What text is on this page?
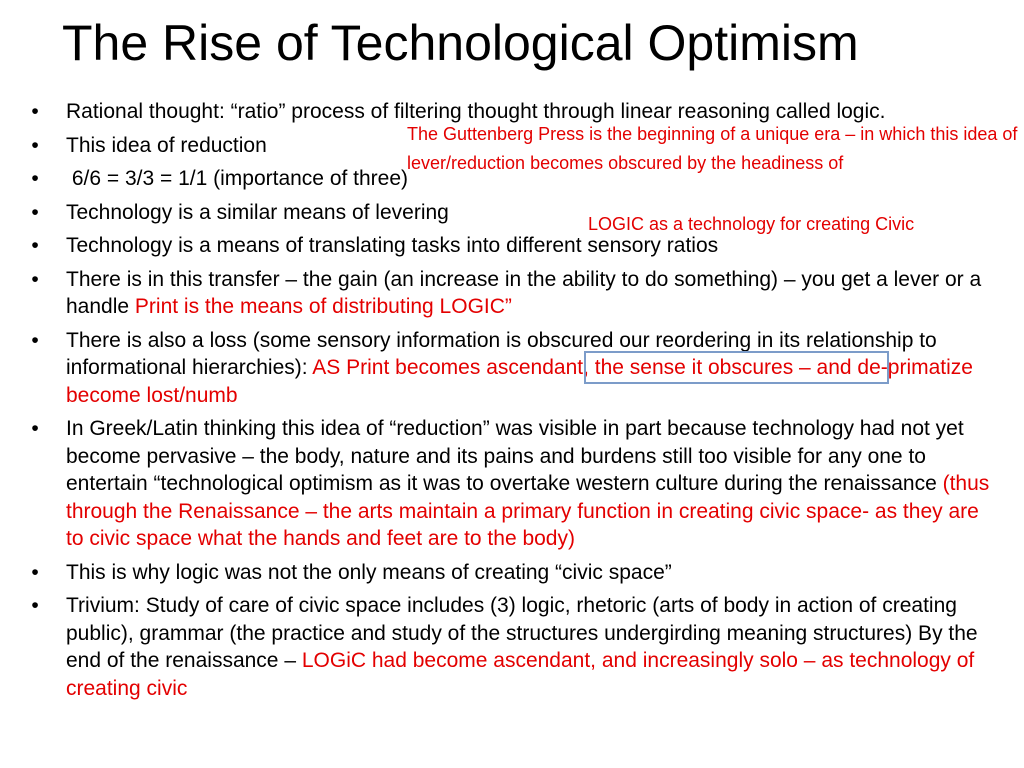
The Rise of Technological Optimism
• Rational thought: “ratio” process of filtering thought through linear reasoning called logic.
• This idea of reduction
• 6/6 = 3/3 = 1/1 (importance of three)
• Technology is a similar means of levering
• Technology is a means of translating tasks into different sensory ratios
• There is in this transfer – the gain (an increase in the ability to do something) – you get a lever or a handle Print is the means of distributing LOGIC”
• There is also a loss (some sensory information is obscured our reordering in its relationship to informational hierarchies): AS Print becomes ascendant, the sense it obscures – and de-primatize become lost/numb
• In Greek/Latin thinking this idea of “reduction” was visible in part because technology had not yet become pervasive – the body, nature and its pains and burdens still too visible for any one to entertain “technological optimism as it was to overtake western culture during the renaissance (thus through the Renaissance – the arts maintain a primary function in creating civic space- as they are to civic space what the hands and feet are to the body)
• This is why logic was not the only means of creating “civic space”
• Trivium: Study of care of civic space includes (3) logic, rhetoric (arts of body in action of creating public), grammar (the practice and study of the structures undergirding meaning structures) By the end of the renaissance – LOGiC had become ascendant, and increasingly solo – as technology of creating civic
The Guttenberg Press is the beginning of a unique era – in which this idea of lever/reduction becomes obscured by the headiness of
LOGIC as a technology for creating Civic
